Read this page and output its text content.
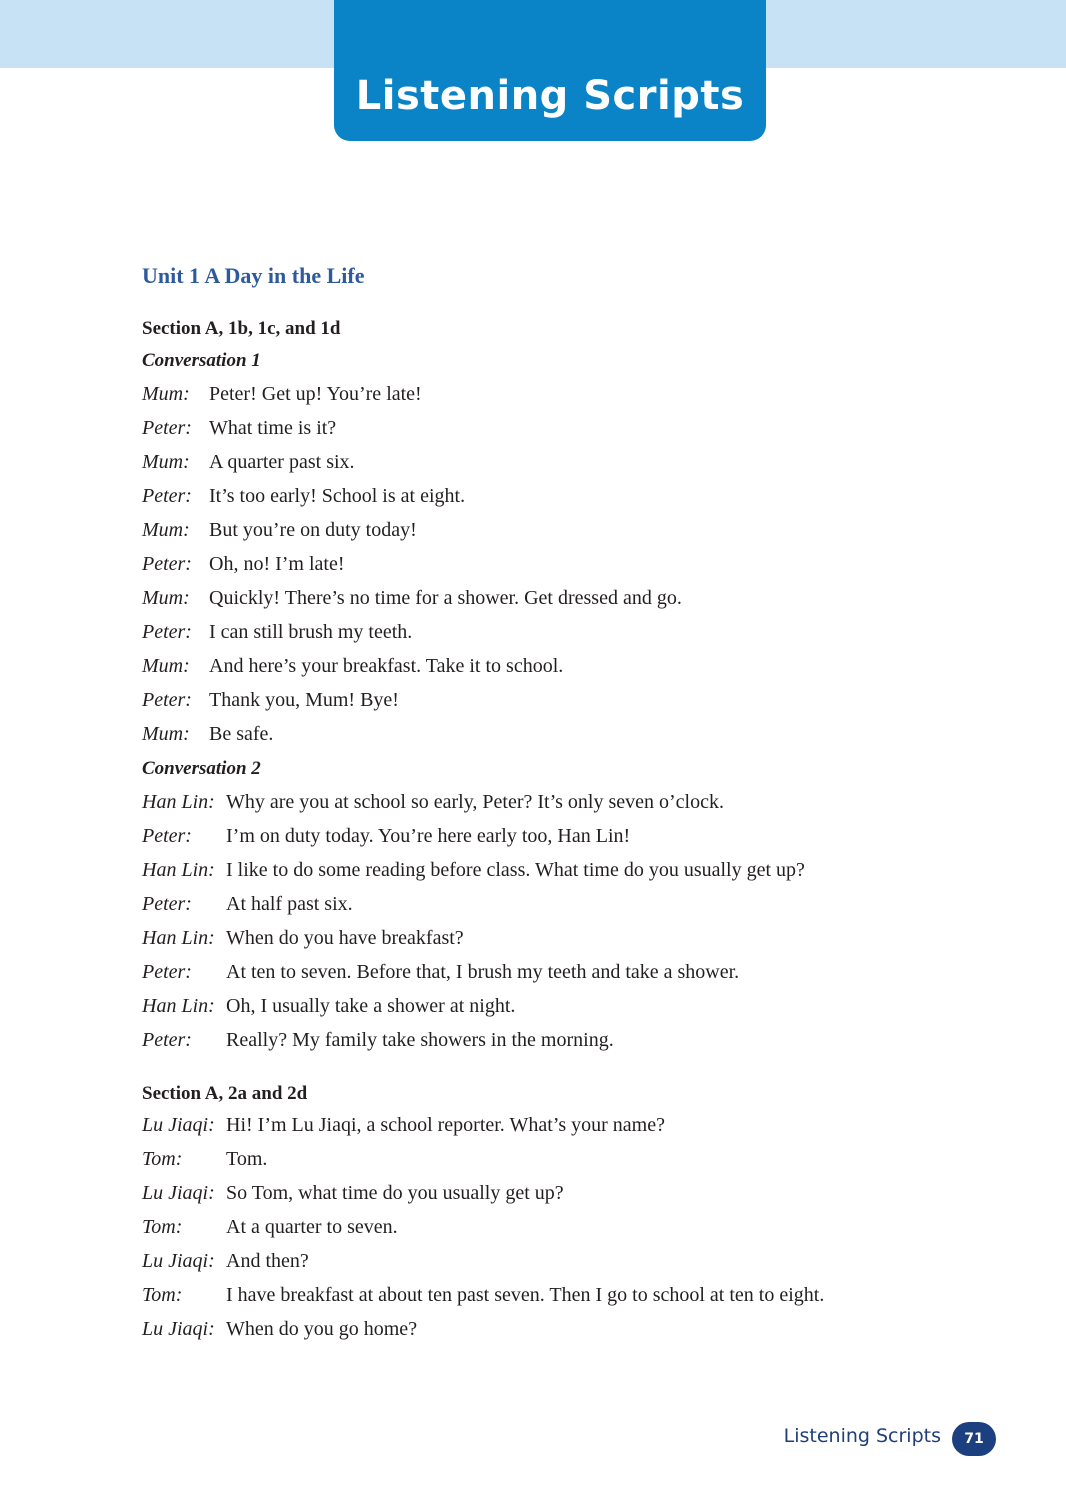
Listening Scripts
Unit 1 A Day in the Life
Section A, 1b, 1c, and 1d
Conversation 1
Mum: Peter! Get up! You’re late!
Peter: What time is it?
Mum: A quarter past six.
Peter: It’s too early! School is at eight.
Mum: But you’re on duty today!
Peter: Oh, no! I’m late!
Mum: Quickly! There’s no time for a shower. Get dressed and go.
Peter: I can still brush my teeth.
Mum: And here’s your breakfast. Take it to school.
Peter: Thank you, Mum! Bye!
Mum: Be safe.
Conversation 2
Han Lin: Why are you at school so early, Peter? It’s only seven o’clock.
Peter: I’m on duty today. You’re here early too, Han Lin!
Han Lin: I like to do some reading before class. What time do you usually get up?
Peter: At half past six.
Han Lin: When do you have breakfast?
Peter: At ten to seven. Before that, I brush my teeth and take a shower.
Han Lin: Oh, I usually take a shower at night.
Peter: Really? My family take showers in the morning.
Section A, 2a and 2d
Lu Jiaqi: Hi! I’m Lu Jiaqi, a school reporter. What’s your name?
Tom: Tom.
Lu Jiaqi: So Tom, what time do you usually get up?
Tom: At a quarter to seven.
Lu Jiaqi: And then?
Tom: I have breakfast at about ten past seven. Then I go to school at ten to eight.
Lu Jiaqi: When do you go home?
Listening Scripts	71
